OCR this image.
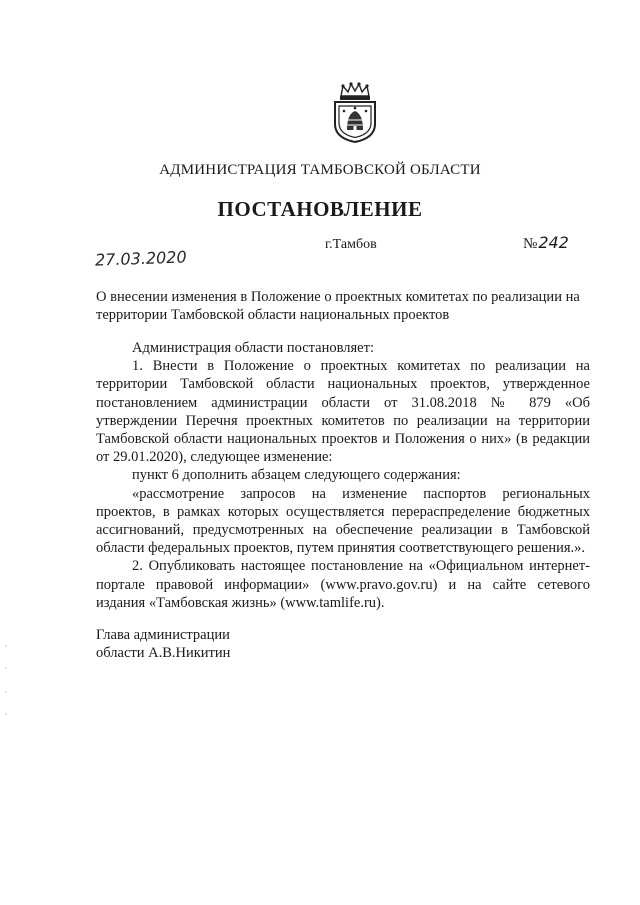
АДМИНИСТРАЦИЯ ТАМБОВСКОЙ ОБЛАСТИ
ПОСТАНОВЛЕНИЕ
27.03.2020
г.Тамбов	№242
О внесении изменения в Положение о проектных комитетах по реализации на территории Тамбовской области национальных проектов

Администрация области постановляет:

1. Внести в Положение о проектных комитетах по реализации на территории Тамбовской области национальных проектов, утвержденное постановлением администрации области от 31.08.2018 № 879 «Об утверждении Перечня проектных комитетов по реализации на территории Тамбовской области национальных проектов и Положения о них» (в редакции от 29.01.2020), следующее изменение:

пункт 6 дополнить абзацем следующего содержания:

«рассмотрение запросов на изменение паспортов региональных проектов, в рамках которых осуществляется перераспределение бюджетных ассигнований, предусмотренных на обеспечение реализации в Тамбовской области федеральных проектов, путем принятия соответствующего решения.».

2. Опубликовать настоящее постановление на «Официальном интернет-портале правовой информации» (www.pravo.gov.ru) и на сайте сетевого издания «Тамбовская жизнь» (www.tamlife.ru).

Глава администрации
области А.В.Никитин
